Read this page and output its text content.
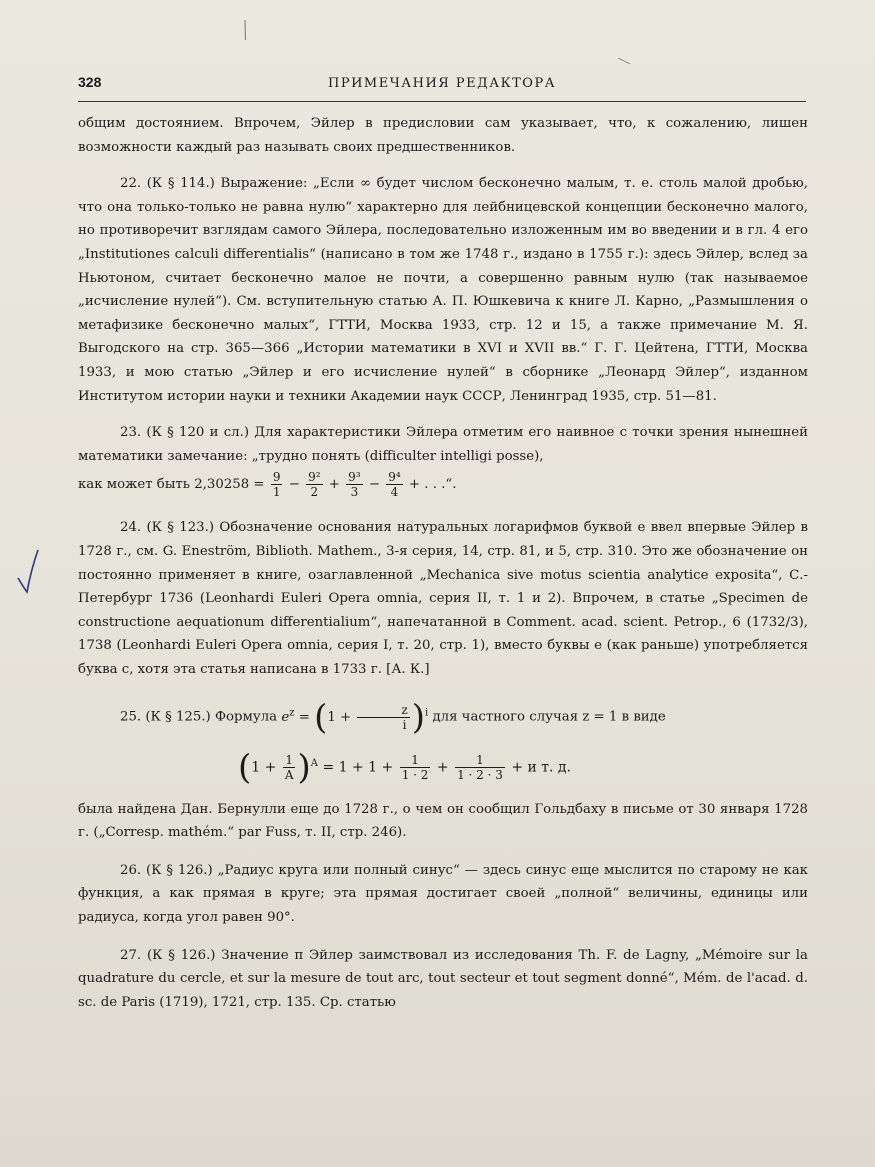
328	ПРИМЕЧАНИЯ РЕДАКТОРА

общим достоянием. Впрочем, Эйлер в предисловии сам указывает, что, к сожалению, лишен возможности каждый раз называть своих предшественников.

22. (К § 114.) Выражение: „Если ∞ будет числом бесконечно малым, т. е. столь малой дробью, что она только-только не равна нулю“ характерно для лейбницевской концепции бесконечно малого, но противоречит взглядам самого Эйлера, последовательно изложенным им во введении и в гл. 4 его „Institutiones calculi differentialis“ (написано в том же 1748 г., издано в 1755 г.): здесь Эйлер, вслед за Ньютоном, считает бесконечно малое не почти, а совершенно равным нулю (так называемое „исчисление нулей“). См. вступительную статью А. П. Юшкевича к книге Л. Карно, „Размышления о метафизике бесконечно малых“, ГТТИ, Москва 1933, стр. 12 и 15, а также примечание М. Я. Выгодского на стр. 365—366 „Истории математики в XVI и XVII вв.“ Г. Г. Цейтена, ГТТИ, Москва 1933, и мою статью „Эйлер и его исчисление нулей“ в сборнике „Леонард Эйлер“, изданном Институтом истории науки и техники Академии наук СССР, Ленинград 1935, стр. 51—81.

23. (К § 120 и сл.) Для характеристики Эйлера отметим его наивное с точки зрения нынешней математики замечание: „трудно понять (difficulter intelligi posse),

как может быть $2,30258 = \frac{9}{1} - \frac{\text{9²}}{2} + \frac{\text{9³}}{3} - \frac{\text{9⁴}}{4}$ + . . .“.

24. (К § 123.) Обозначение основания натуральных логарифмов буквой e ввел впервые Эйлер в 1728 г., см. G. Eneström, Biblioth. Mathem., 3-я серия, 14, стр. 81, и 5, стр. 310. Это же обозначение он постоянно применяет в книге, озаглавленной „Mechanica sive motus scientia analytice exposita“, С.-Петербург 1736 (Leonhardi Euleri Opera omnia, серия II, т. 1 и 2). Впрочем, в статье „Specimen de constructione aequationum differentialium“, напечатанной в Comment. acad. scient. Petrop., 6 (1732/3), 1738 (Leonhardi Euleri Opera omnia, серия I, т. 20, стр. 1), вместо буквы e (как раньше) употребляется буква c, хотя эта статья написана в 1733 г. [А. К.]

25. (К § 125.) Формула $e^z = (1 + \frac{z}{i} )^i$ для частного случая z = 1 в виде

$(1 + \frac{1}{A} )^A = 1 + 1 + \frac{1}{1 \cdot 2} + \frac{1}{1 \cdot 2 \cdot 3} + и$ т. д.

была найдена Дан. Бернулли еще до 1728 г., о чем он сообщил Гольдбаху в письме от 30 января 1728 г. („Corresp. mathém.“ par Fuss, т. II, стр. 246).

26. (К § 126.) „Радиус круга или полный синус“ — здесь синус еще мыслится по старому не как функция, а как прямая в круге; эта прямая достигает своей „полной“ величины, единицы или радиуса, когда угол равен 90°.

27. (К § 126.) Значение π Эйлер заимствовал из исследования Th. F. de Lagny, „Mémoire sur la quadrature du cercle, et sur la mesure de tout arc, tout secteur et tout segment donné“, Mém. de l'acad. d. sc. de Paris (1719), 1721, стр. 135. Ср. статью
